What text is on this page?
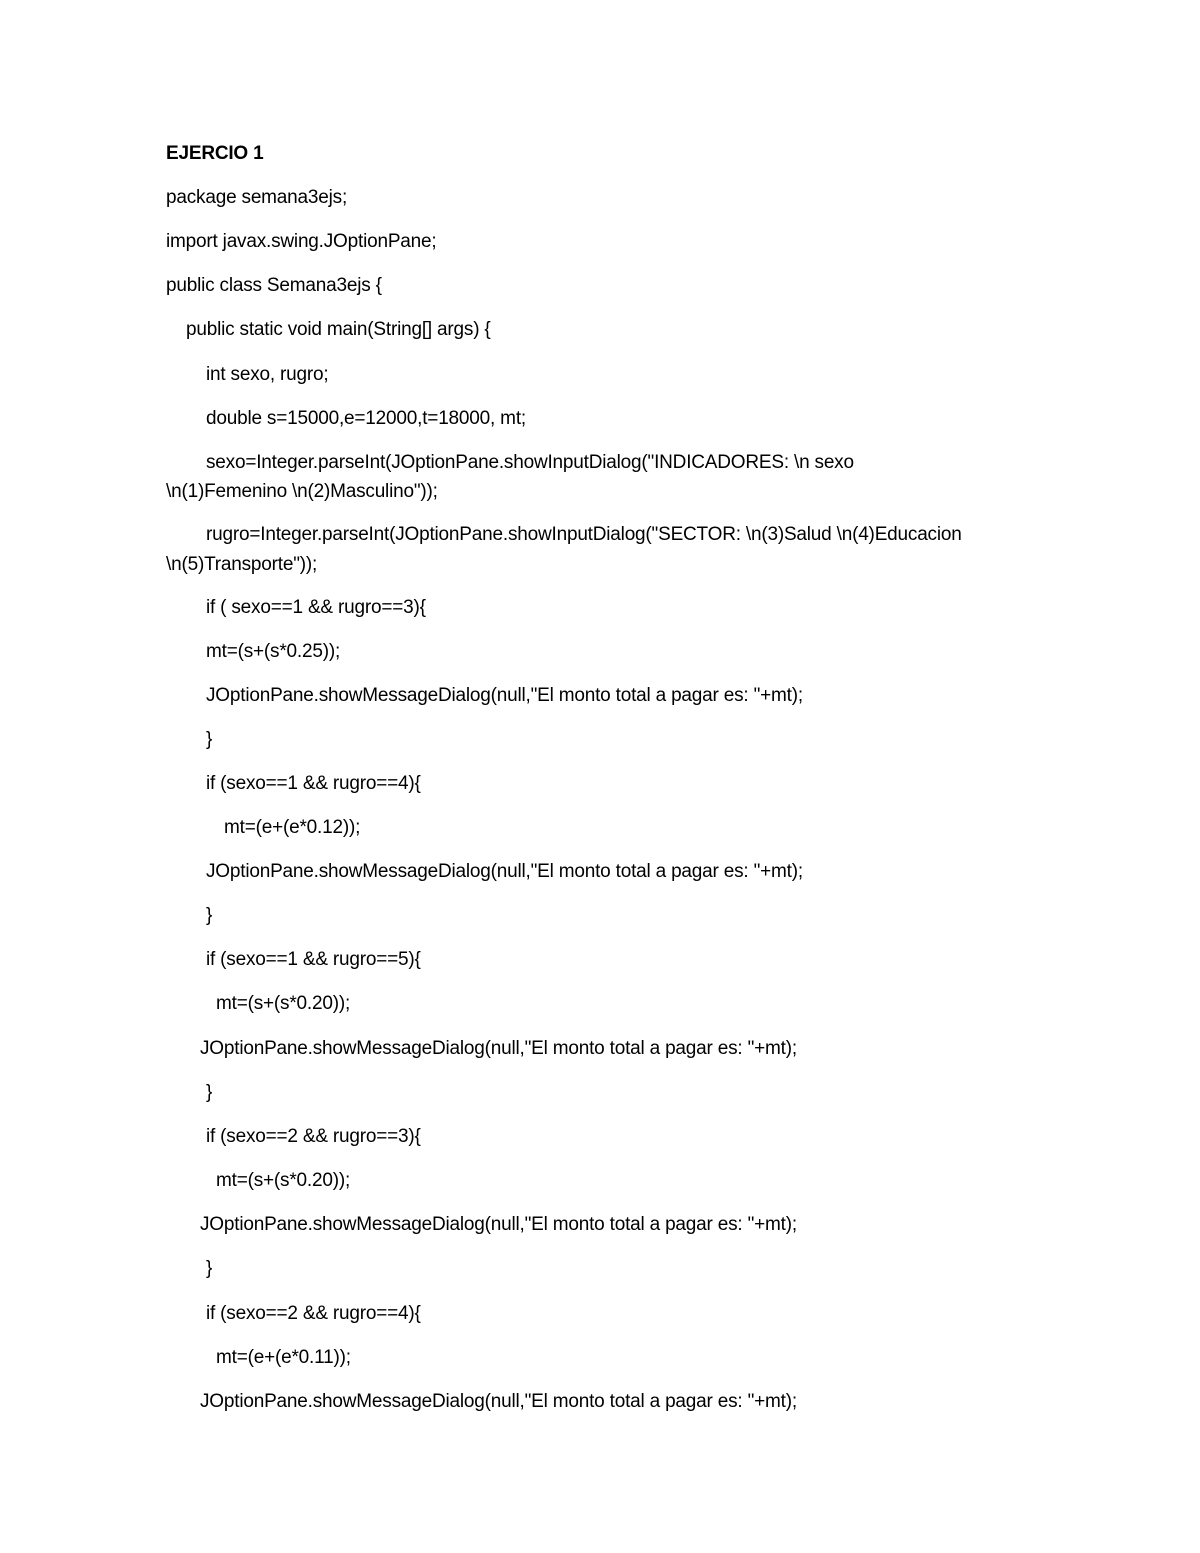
EJERCIO 1
package semana3ejs;
import javax.swing.JOptionPane;
public class Semana3ejs {
public static void main(String[] args) {
int sexo, rugro;
double s=15000,e=12000,t=18000, mt;
sexo=Integer.parseInt(JOptionPane.showInputDialog("INDICADORES: \n sexo
\n(1)Femenino \n(2)Masculino"));
rugro=Integer.parseInt(JOptionPane.showInputDialog("SECTOR: \n(3)Salud \n(4)Educacion
\n(5)Transporte"));
if ( sexo==1 && rugro==3){
mt=(s+(s*0.25));
JOptionPane.showMessageDialog(null,"El monto total a pagar es: "+mt);
}
if (sexo==1 && rugro==4){
mt=(e+(e*0.12));
JOptionPane.showMessageDialog(null,"El monto total a pagar es: "+mt);
}
if (sexo==1 && rugro==5){
mt=(s+(s*0.20));
JOptionPane.showMessageDialog(null,"El monto total a pagar es: "+mt);
}
if (sexo==2 && rugro==3){
mt=(s+(s*0.20));
JOptionPane.showMessageDialog(null,"El monto total a pagar es: "+mt);
}
if (sexo==2 && rugro==4){
mt=(e+(e*0.11));
JOptionPane.showMessageDialog(null,"El monto total a pagar es: "+mt);
